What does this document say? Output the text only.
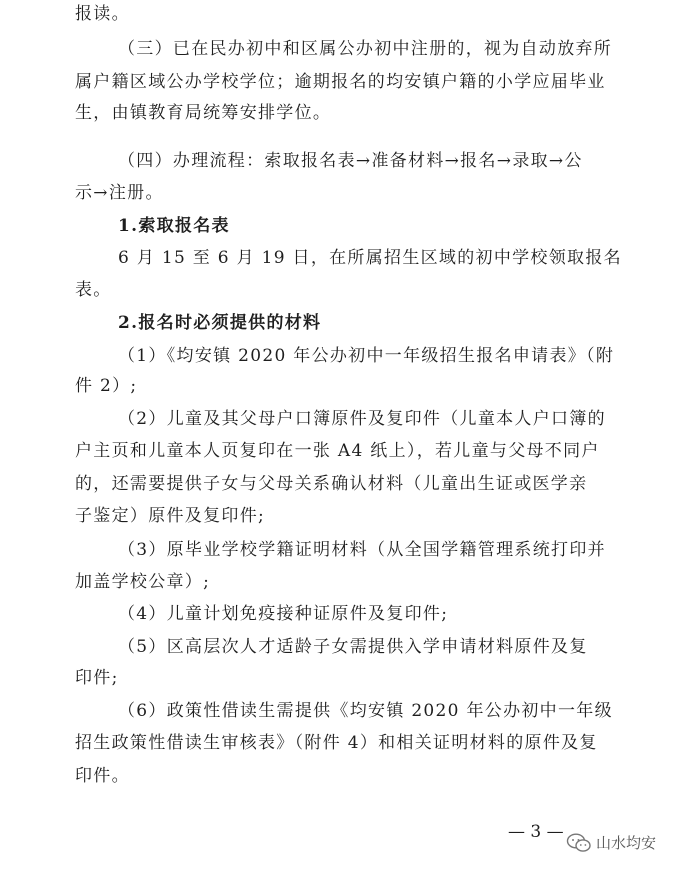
报读。
（三）已在民办初中和区属公办初中注册的，视为自动放弃所
属户籍区域公办学校学位；逾期报名的均安镇户籍的小学应届毕业
生，由镇教育局统筹安排学位。
（四）办理流程：索取报名表→准备材料→报名→录取→公
示→注册。
1.索取报名表
6 月 15 至 6 月 19 日，在所属招生区域的初中学校领取报名
表。
2.报名时必须提供的材料
（1）《均安镇 2020 年公办初中一年级招生报名申请表》（附
件 2）;
（2）儿童及其父母户口簿原件及复印件（儿童本人户口簿的
户主页和儿童本人页复印在一张 A4 纸上），若儿童与父母不同户
的，还需要提供子女与父母关系确认材料（儿童出生证或医学亲
子鉴定）原件及复印件;
（3）原毕业学校学籍证明材料（从全国学籍管理系统打印并
加盖学校公章）;
（4）儿童计划免疫接种证原件及复印件;
（5）区高层次人才适龄子女需提供入学申请材料原件及复
印件;
（6）政策性借读生需提供《均安镇 2020 年公办初中一年级
招生政策性借读生审核表》（附件 4）和相关证明材料的原件及复
印件。
— 3 —
山水均安
